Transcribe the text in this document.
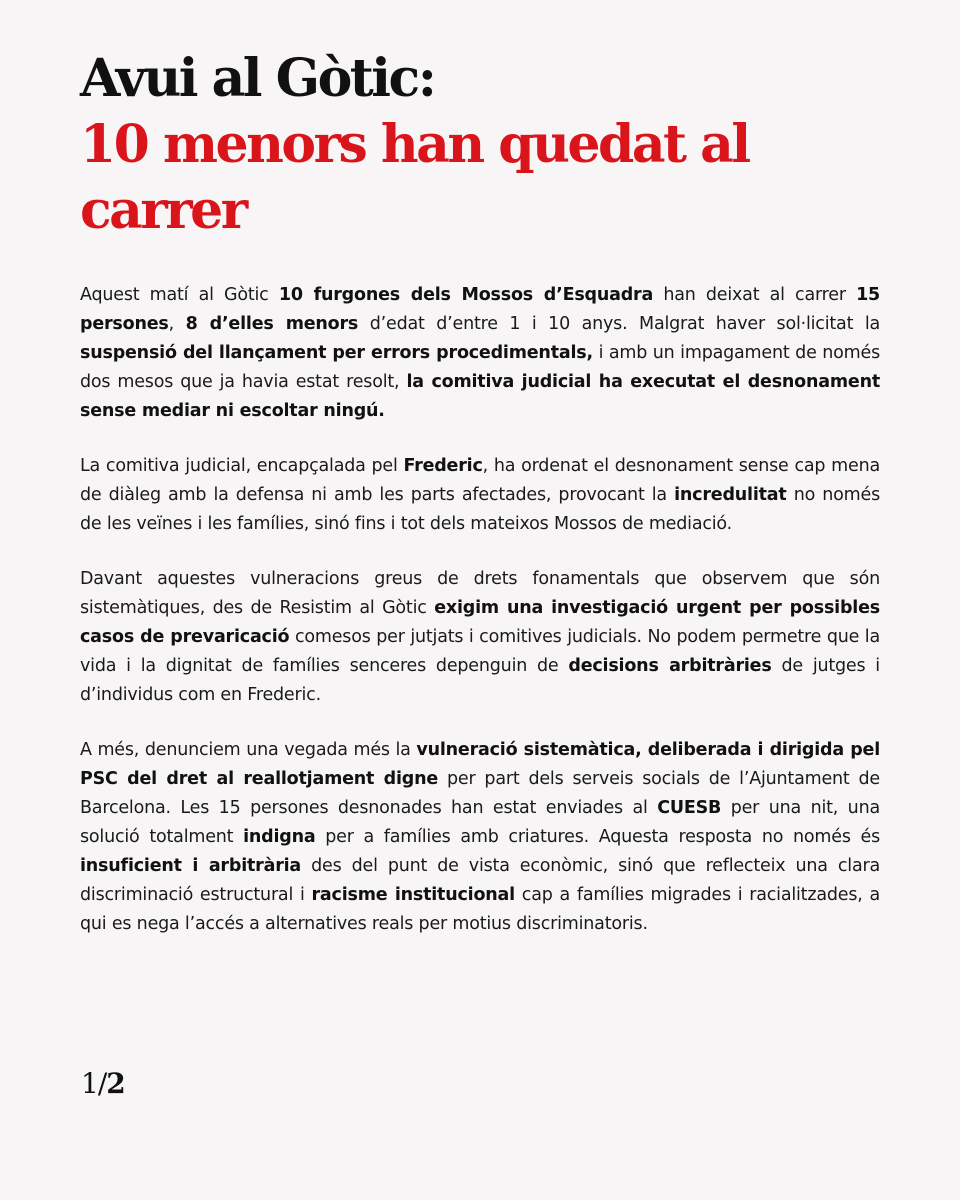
Avui al Gòtic:
10 menors han quedat al carrer

Aquest matí al Gòtic 10 furgones dels Mossos d’Esquadra han deixat al carrer 15 persones, 8 d’elles menors d’edat d’entre 1 i 10 anys. Malgrat haver sol·licitat la suspensió del llançament per errors procedimentals, i amb un impagament de només dos mesos que ja havia estat resolt, la comitiva judicial ha executat el desnonament sense mediar ni escoltar ningú.

La comitiva judicial, encapçalada pel Frederic, ha ordenat el desnonament sense cap mena de diàleg amb la defensa ni amb les parts afectades, provocant la incredulitat no només de les veïnes i les famílies, sinó fins i tot dels mateixos Mossos de mediació.

Davant aquestes vulneracions greus de drets fonamentals que observem que són sistemàtiques, des de Resistim al Gòtic exigim una investigació urgent per possibles casos de prevaricació comesos per jutjats i comitives judicials. No podem permetre que la vida i la dignitat de famílies senceres depenguin de decisions arbitràries de jutges i d’individus com en Frederic.

A més, denunciem una vegada més la vulneració sistemàtica, deliberada i dirigida pel PSC del dret al reallotjament digne per part dels serveis socials de l’Ajuntament de Barcelona. Les 15 persones desnonades han estat enviades al CUESB per una nit, una solució totalment indigna per a famílies amb criatures. Aquesta resposta no només és insuficient i arbitrària des del punt de vista econòmic, sinó que reflecteix una clara discriminació estructural i racisme institucional cap a famílies migrades i racialitzades, a qui es nega l’accés a alternatives reals per motius discriminatoris.

1/2
